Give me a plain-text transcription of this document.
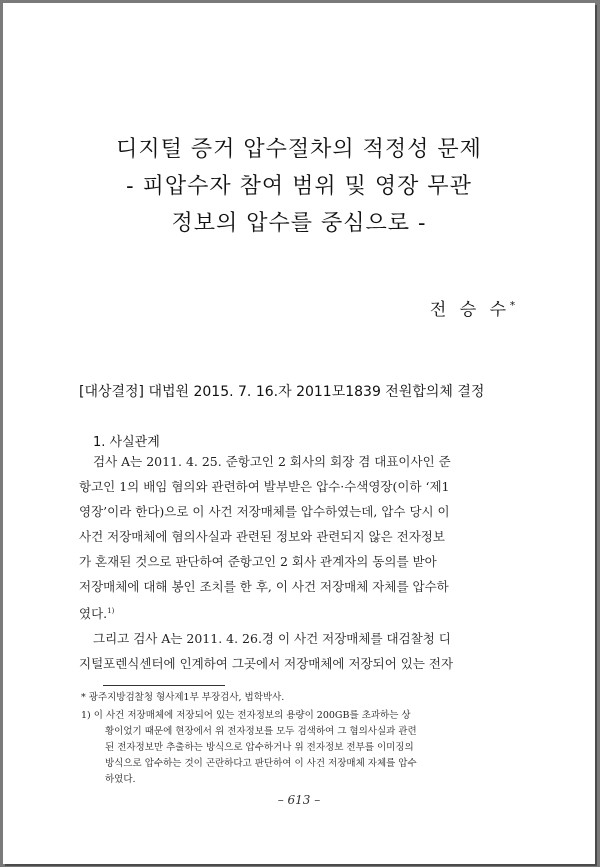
디지털 증거 압수절차의 적정성 문제
- 피압수자 참여 범위 및 영장 무관
정보의 압수를 중심으로 -
전 승 수*
[대상결정] 대법원 2015. 7. 16.자 2011모1839 전원합의체 결정
1. 사실관계
검사 A는 2011. 4. 25. 준항고인 2 회사의 회장 겸 대표이사인 준
항고인 1의 배임 혐의와 관련하여 발부받은 압수·수색영장(이하 ‘제1
영장’이라 한다)으로 이 사건 저장매체를 압수하였는데, 압수 당시 이
사건 저장매체에 혐의사실과 관련된 정보와 관련되지 않은 전자정보
가 혼재된 것으로 판단하여 준항고인 2 회사 관계자의 동의를 받아
저장매체에 대해 봉인 조치를 한 후, 이 사건 저장매체 자체를 압수하
였다.$^{1)}$
그리고 검사 A는 2011. 4. 26.경 이 사건 저장매체를 대검찰청 디
지털포렌식센터에 인계하여 그곳에서 저장매체에 저장되어 있는 전자
* 광주지방검찰청 형사제1부 부장검사, 법학박사.
1) 이 사건 저장매체에 저장되어 있는 전자정보의 용량이 200GB를 초과하는 상
황이었기 때문에 현장에서 위 전자정보를 모두 검색하여 그 혐의사실과 관련
된 전자정보만 추출하는 방식으로 압수하거나 위 전자정보 전부를 이미징의
방식으로 압수하는 것이 곤란하다고 판단하여 이 사건 저장매체 자체를 압수
하였다.
– 613 –
